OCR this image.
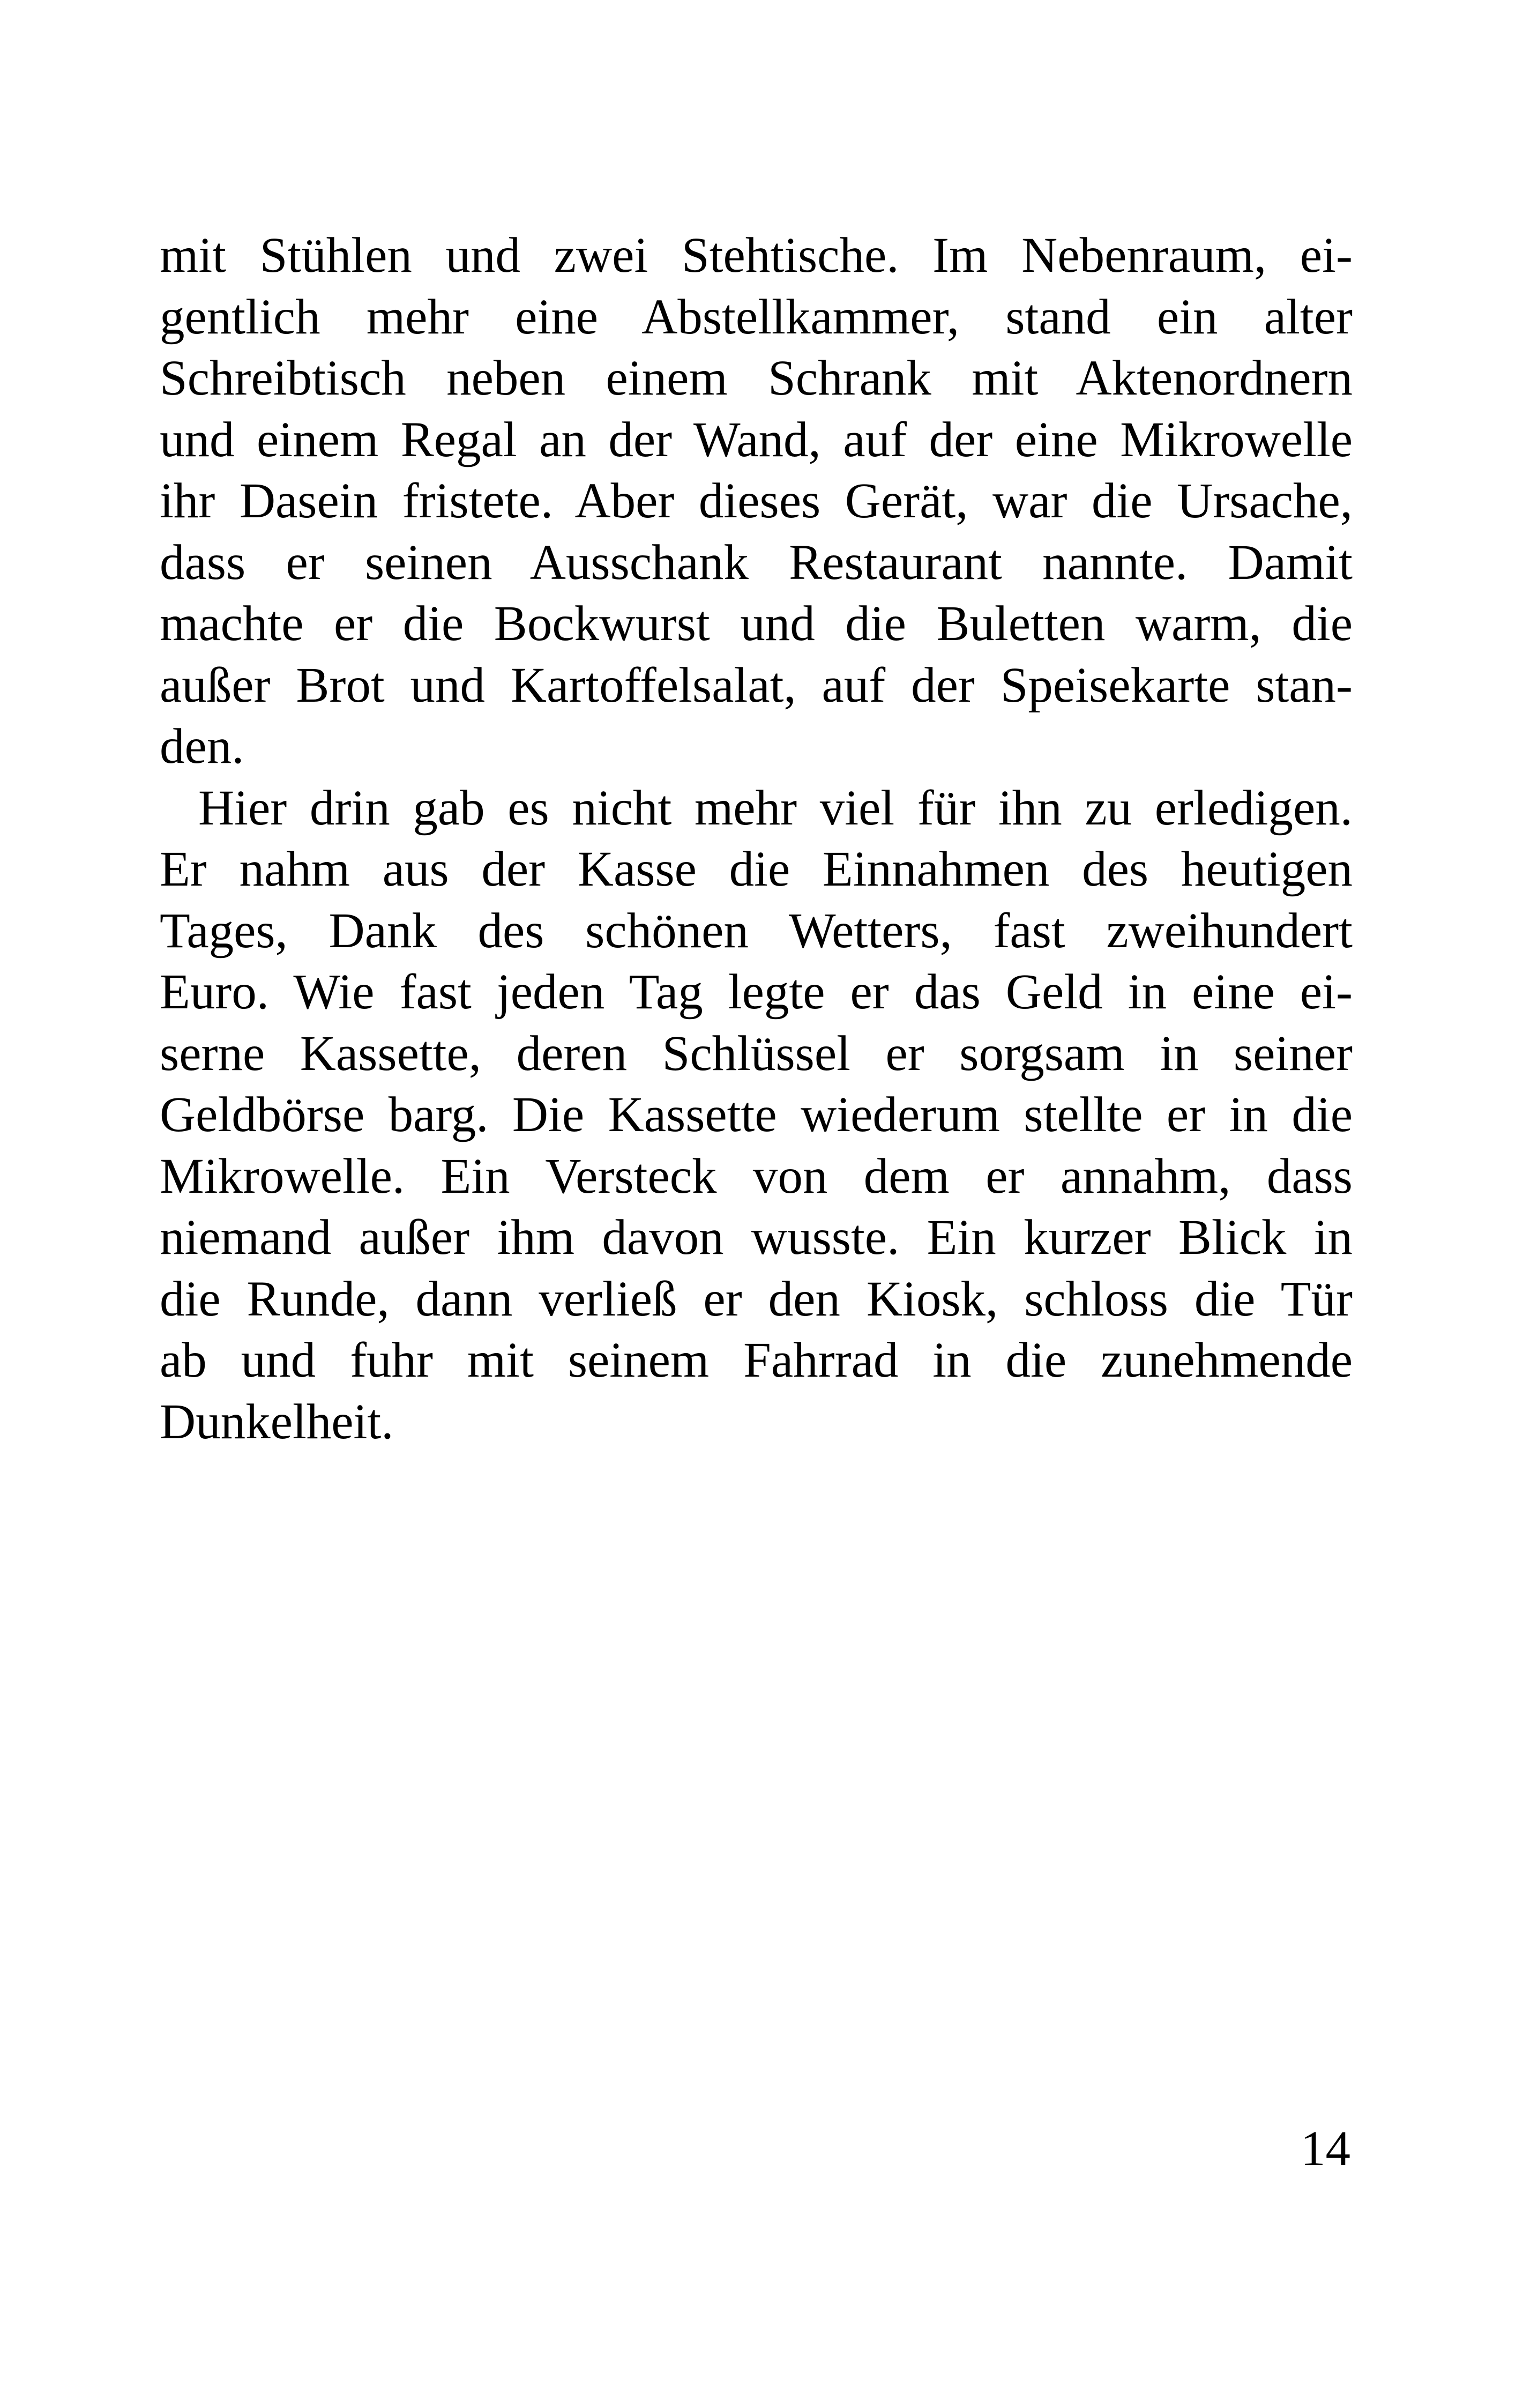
mit Stühlen und zwei Stehtische. Im Nebenraum, ei-
gentlich mehr eine Abstellkammer, stand ein alter
Schreibtisch neben einem Schrank mit Aktenordnern
und einem Regal an der Wand, auf der eine Mikrowelle
ihr Dasein fristete. Aber dieses Gerät, war die Ursache,
dass er seinen Ausschank Restaurant nannte. Damit
machte er die Bockwurst und die Buletten warm, die
außer Brot und Kartoffelsalat, auf der Speisekarte stan-
den.
Hier drin gab es nicht mehr viel für ihn zu erledigen.
Er nahm aus der Kasse die Einnahmen des heutigen
Tages, Dank des schönen Wetters, fast zweihundert
Euro. Wie fast jeden Tag legte er das Geld in eine ei-
serne Kassette, deren Schlüssel er sorgsam in seiner
Geldbörse barg. Die Kassette wiederum stellte er in die
Mikrowelle. Ein Versteck von dem er annahm, dass
niemand außer ihm davon wusste. Ein kurzer Blick in
die Runde, dann verließ er den Kiosk, schloss die Tür
ab und fuhr mit seinem Fahrrad in die zunehmende
Dunkelheit.
14
